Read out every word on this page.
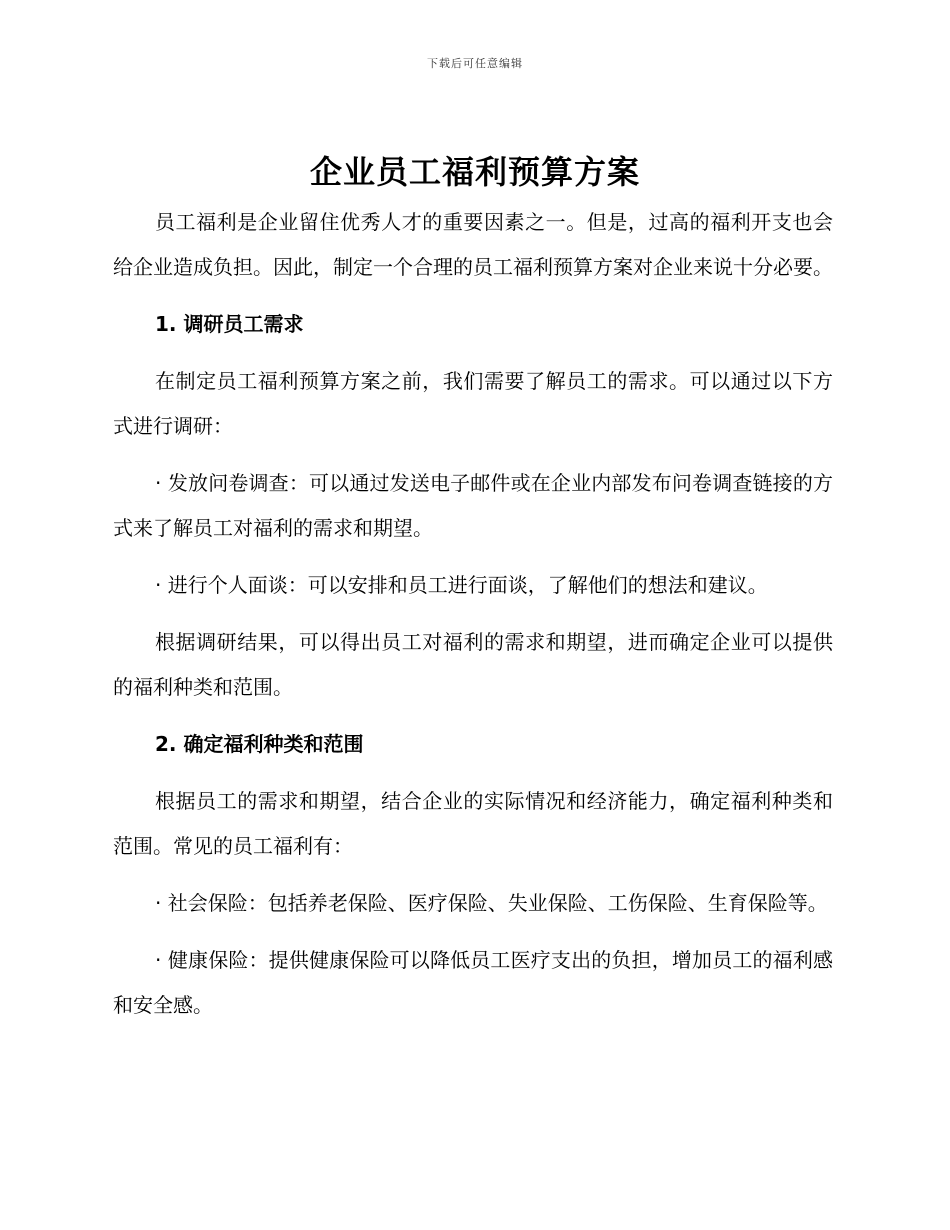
下载后可任意编辑
企业员工福利预算方案

员工福利是企业留住优秀人才的重要因素之一。但是，过高的福利开支也会给企业造成负担。因此，制定一个合理的员工福利预算方案对企业来说十分必要。

1. 调研员工需求

在制定员工福利预算方案之前，我们需要了解员工的需求。可以通过以下方式进行调研：

· 发放问卷调查：可以通过发送电子邮件或在企业内部发布问卷调查链接的方式来了解员工对福利的需求和期望。

· 进行个人面谈：可以安排和员工进行面谈，了解他们的想法和建议。

根据调研结果，可以得出员工对福利的需求和期望，进而确定企业可以提供的福利种类和范围。

2. 确定福利种类和范围

根据员工的需求和期望，结合企业的实际情况和经济能力，确定福利种类和范围。常见的员工福利有：

· 社会保险：包括养老保险、医疗保险、失业保险、工伤保险、生育保险等。

· 健康保险：提供健康保险可以降低员工医疗支出的负担，增加员工的福利感和安全感。
